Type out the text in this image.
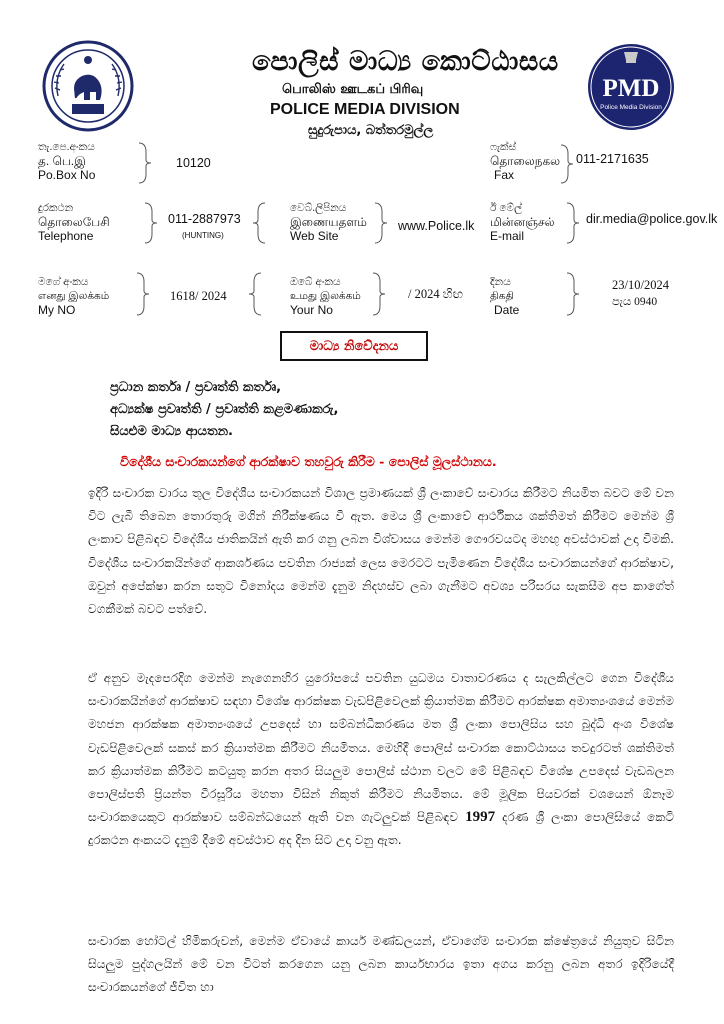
පොලිස් මාධ්‍ය කොට්ඨාසය
பொலிஸ் ஊடகப் பிரிவு
POLICE MEDIA DIVISION
සුදුරුපාය, බත්තරමුල්ල
PMD
Police Media Division
තැ.පෙ.අංකය
த. பெ.இ
Po.Box No
10120
ෆැක්ස්
தொலைநகல
Fax
011-2171635
දුරකථන
தொலைபேசி
Telephone
011-2887973
(HUNTING)
වෙබ්.ලිපිනය
இணையதளம்
Web Site
www.Police.lk
ඊ මේල්
மின்னஞ்சல்
E-mail
dir.media@police.gov.lk
මගේ අංකය
எனது இலக்கம்
My NO
1618/ 2024
ඔබේ අංකය
உமது இலக்கம்
Your No
/ 2024 හිඟ
දිනය
திகதி
Date
23/10/2024
පැය 0940
මාධ්‍ය නිවේදනය
ප්‍රධාන කර්තෘ / ප්‍රවෘත්ති කර්තෘ,
අධ්‍යක්ෂ ප්‍රවෘත්ති / ප්‍රවෘත්ති කළමණාකරු,
සියළුම මාධ්‍ය ආයතන.
විදේශීය සංචාරකයන්ගේ ආරක්ෂාව තහවුරු කිරීම - පොලිස් මූලස්ථානය.
ඉදිරි සංචාරක වාරය තුල විදේශීය සංචාරකයන් විශාල ප්‍රමාණයක් ශ්‍රී ලංකාවේ සංචාරය කිරීමට නියමිත බවට මේ වන විට ලැබී තිබෙන තොරතුරු මගින් නිරීක්ෂණය වී ඇත. මෙය ශ්‍රී ලංකාවේ ආර්ථිකය ශක්තිමත් කිරීමට මෙන්ම ශ්‍රී ලංකාව පිළිබඳව විදේශීය ජාතිකයින් ඇති කර ගනු ලබන විශ්වාසය මෙන්ම ගෞරවයටද මහඟු අවස්ථාවක් උදා වීමකි. විදේශීය සංචාරකයින්ගේ ආකර්ශණය පවතින රාජ්‍යක් ලෙස මෙරටට පැමිණෙන විදේශීය සංචාරකයන්ගේ ආරක්ෂාව, ඔවුන් අපේක්ෂා කරන සතුට විනෝදය මෙන්ම දැනුම නිදහස්ව ලබා ගැනීමට අවශ්‍ය පරිසරය සැකසීම අප කාගේත් වගකීමක් බවට පත්වේ.
ඒ අනුව මැදපෙරදිග මෙන්ම නැගෙනහිර යුරෝපයේ පවතින යුධමය වාතාවරණය ද සැලකිල්ලට ගෙන විදේශීය සංචාරකයින්ගේ ආරක්ෂාව සඳහා විශේෂ ආරක්ෂක වැඩපිළිවෙලක් ක්‍රියාත්මක කිරීමට ආරක්ෂක අමාත්‍යංශයේ මෙන්ම මහජන ආරක්ෂක අමාත්‍යංශයේ උපදෙස් හා සම්බන්ධීකරණය මත ශ්‍රී ලංකා පොලිසිය සහ බුද්ධි අංශ විශේෂ වැඩපිළිවෙලක් සකස් කර ක්‍රියාත්මක කිරීමට නියමිතය. මෙහිදී පොලිස් සංචාරක කොට්ඨාසය තවදුරටත් ශක්තිමත් කර ක්‍රියාත්මක කිරීමට කටයුතු කරන අතර සියලුම පොලිස් ස්ථාන වලට මේ පිළිබඳව විශේෂ උපදෙස් වැඩබලන පොලිස්පති ප්‍රියන්ත වීරසූරිය මහතා විසින් නිකුත් කිරීමට නියමිතය. මේ මූලික පියවරක් වශයෙන් ඕනෑම සංචාරකයෙකුට ආරක්ෂාව සම්බන්ධයෙන් ඇති වන ගැටලුවක් පිළිබඳව 1997 දරණ ශ්‍රී ලංකා පොලිසියේ කෙටි දුරකථන අංකයට දැනුම් දීමේ අවස්ථාව අද දින සිට උදා වනු ඇත.
සංචාරක හෝටල් හිමිකරුවන්, මෙන්ම ඒවායේ කාර්ය මණ්ඩලයන්, ඒවාගේම සංචාරක ක්ෂේත්‍රයේ නියුතුව සිටින සියලුම පුද්ගලයින් මේ වන විටත් කරගෙන යනු ලබන කාර්යභාරය ඉතා අගය කරනු ලබන අතර ඉදිරියේදී සංචාරකයන්ගේ ජීවිත හා
